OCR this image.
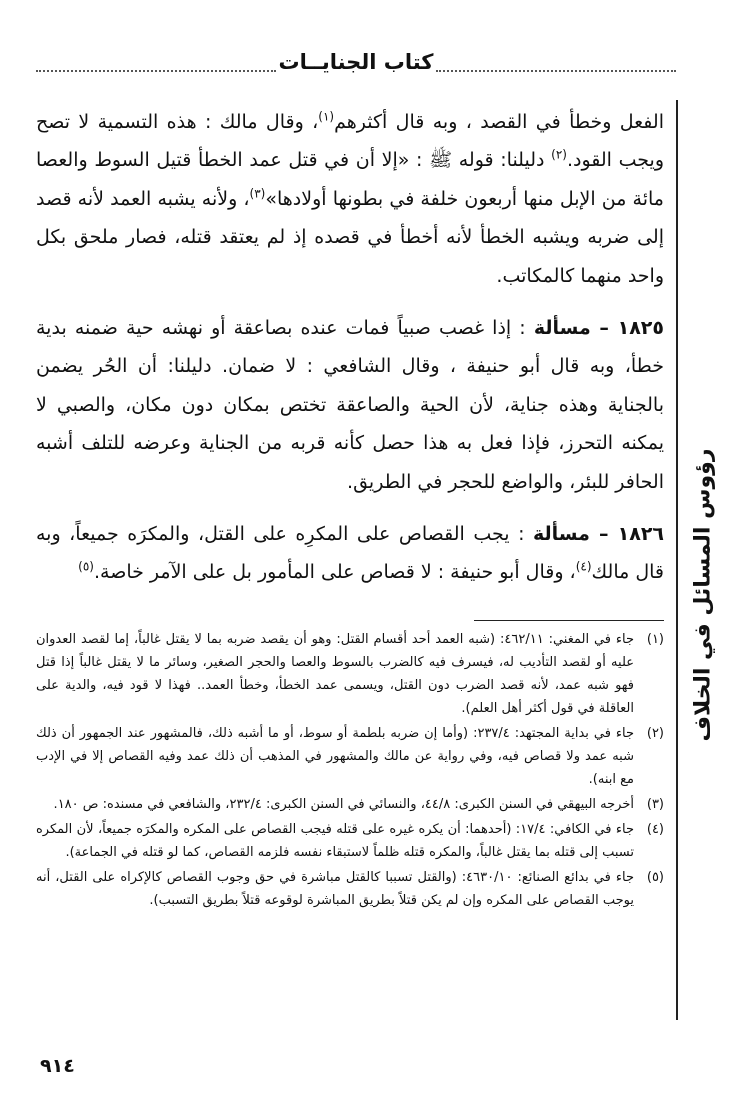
كتاب الجنايــات
رؤوس المسائل في الخلاف

الفعل وخطأ في القصد ، وبه قال أكثرهم$^{(١)}$، وقال مالك : هذه التسمية لا تصح ويجب القود.$^{(٢)}$ دليلنا: قوله ﷺ : «إلا أن في قتل عمد الخطأ قتيل السوط والعصا مائة من الإبل منها أربعون خلفة في بطونها أولادها»$^{(٣)}$، ولأنه يشبه العمد لأنه قصد إلى ضربه ويشبه الخطأ لأنه أخطأ في قصده إذ لم يعتقد قتله، فصار ملحق بكل واحد منهما كالمكاتب.

١٨٢٥ – مسألة : إذا غصب صبياً فمات عنده بصاعقة أو نهشه حية ضمنه بدية خطأ، وبه قال أبو حنيفة ، وقال الشافعي : لا ضمان. دليلنا: أن الحُر يضمن بالجناية وهذه جناية، لأن الحية والصاعقة تختص بمكان دون مكان، والصبي لا يمكنه التحرز، فإذا فعل به هذا حصل كأنه قربه من الجناية وعرضه للتلف أشبه الحافر للبئر، والواضع للحجر في الطريق.

١٨٢٦ – مسألة : يجب القصاص على المكرِه على القتل، والمكرَه جميعاً، وبه قال مالك$^{(٤)}$، وقال أبو حنيفة : لا قصاص على المأمور بل على الآمر خاصة.$^{(٥)}$

(١)
جاء في المغني: ٤٦٢/١١: (شبه العمد أحد أقسام القتل: وهو أن يقصد ضربه بما لا يقتل غالباً، إما لقصد العدوان عليه أو لقصد التأديب له، فيسرف فيه كالضرب بالسوط والعصا والحجر الصغير، وسائر ما لا يقتل غالباً إذا قتل فهو شبه عمد، لأنه قصد الضرب دون القتل، ويسمى عمد الخطأ، وخطأ العمد.. فهذا لا قود فيه، والدية على العاقلة في قول أكثر أهل العلم).

(٢)
جاء في بداية المجتهد: ٢٣٧/٤: (وأما إن ضربه بلطمة أو سوط، أو ما أشبه ذلك، فالمشهور عند الجمهور أن ذلك شبه عمد ولا قصاص فيه، وفي رواية عن مالك والمشهور في المذهب أن ذلك عمد وفيه القصاص إلا في الإدب مع ابنه).

(٣)
أخرجه البيهقي في السنن الكبرى: ٤٤/٨، والنسائي في السنن الكبرى: ٢٣٢/٤، والشافعي في مسنده: ص ١٨٠.

(٤)
جاء في الكافي: ١٧/٤: (أحدهما: أن يكره غيره على قتله فيجب القصاص على المكره والمكرَه جميعاً، لأن المكره تسبب إلى قتله بما يقتل غالباً، والمكره قتله ظلماً لاستبقاء نفسه فلزمه القصاص، كما لو قتله في الجماعة).

(٥)
جاء في بدائع الصنائع: ٤٦٣٠/١٠: (والقتل تسببا كالقتل مباشرة في حق وجوب القصاص كالإكراه على القتل، أنه يوجب القصاص على المكره وإن لم يكن قتلاً بطريق المباشرة لوقوعه قتلاً بطريق التسبب).

٩١٤
